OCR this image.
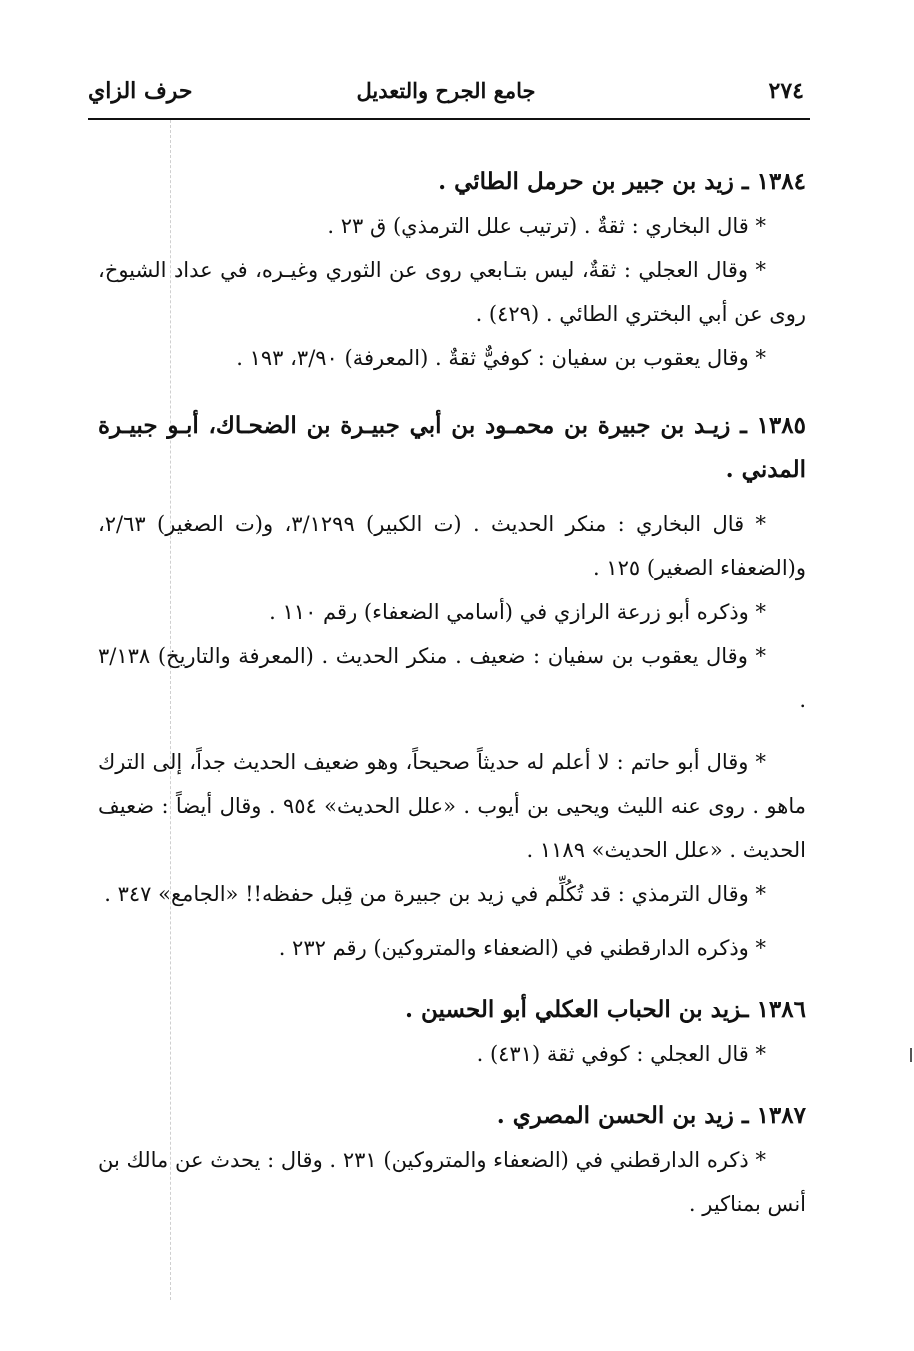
٢٧٤
جامع الجرح والتعديل
حرف الزاي

١٣٨٤ ـ زيد بن جبير بن حرمل الطائي .

* قال البخاري : ثقةٌ . (ترتيب علل الترمذي) ق ٢٣ .

* وقال العجلي : ثقةٌ، ليس بتـابعي روى عن الثوري وغيـره، في عداد الشيوخ، روى عن أبي البختري الطائي . (٤٢٩) .

* وقال يعقوب بن سفيان : كوفيٌّ ثقةٌ . (المعرفة) ٣/٩٠، ١٩٣ .

١٣٨٥ ـ زيـد بن جبيرة بن محمـود بن أبي جبيـرة بن الضحـاك، أبـو جبيـرة المدني .

* قال البخاري : منكر الحديث . (ت الكبير) ٣/١٢٩٩، و(ت الصغير) ٢/٦٣، و(الضعفاء الصغير) ١٢٥ .

* وذكره أبو زرعة الرازي في (أسامي الضعفاء) رقم ١١٠ .

* وقال يعقوب بن سفيان : ضعيف . منكر الحديث . (المعرفة والتاريخ) ٣/١٣٨ .

* وقال أبو حاتم : لا أعلم له حديثاً صحيحاً، وهو ضعيف الحديث جداً، إلى الترك ماهو . روى عنه الليث ويحيى بن أيوب . «علل الحديث» ٩٥٤ . وقال أيضاً : ضعيف الحديث . «علل الحديث» ١١٨٩ .

* وقال الترمذي : قد تُكُلِّم في زيد بن جبيرة من قِبل حفظه!! «الجامع» ٣٤٧ .

* وذكره الدارقطني في (الضعفاء والمتروكين) رقم ٢٣٢ .

١٣٨٦ ـزيد بن الحباب العكلي أبو الحسين .

* قال العجلي : كوفي ثقة (٤٣١) .

١٣٨٧ ـ زيد بن الحسن المصري .

* ذكره الدارقطني في (الضعفاء والمتروكين) ٢٣١ . وقال : يحدث عن مالك بن أنس بمناكير .
